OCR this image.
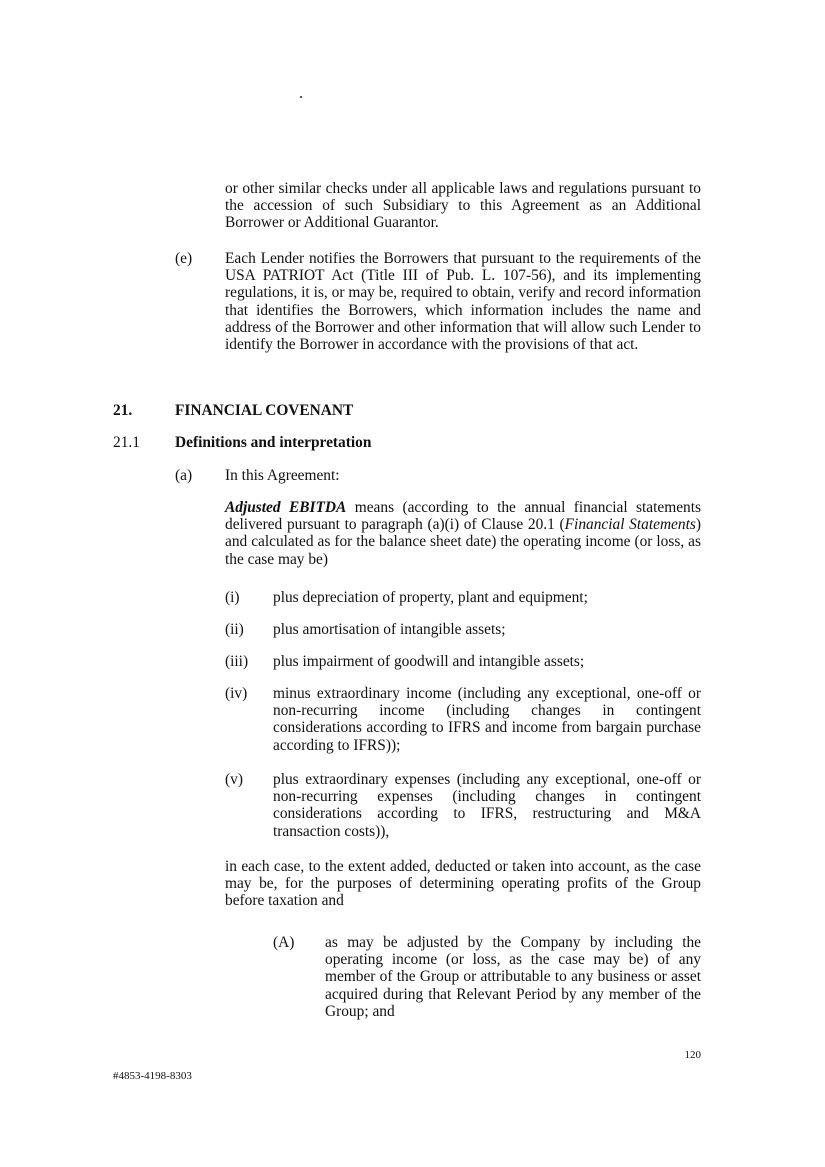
or other similar checks under all applicable laws and regulations pursuant to the accession of such Subsidiary to this Agreement as an Additional Borrower or Additional Guarantor.

(e) Each Lender notifies the Borrowers that pursuant to the requirements of the USA PATRIOT Act (Title III of Pub. L. 107-56), and its implementing regulations, it is, or may be, required to obtain, verify and record information that identifies the Borrowers, which information includes the name and address of the Borrower and other information that will allow such Lender to identify the Borrower in accordance with the provisions of that act.

21.	FINANCIAL COVENANT
21.1 Definitions and interpretation
(a) In this Agreement:

Adjusted EBITDA means (according to the annual financial statements delivered pursuant to paragraph (a)(i) of Clause 20.1 (Financial Statements) and calculated as for the balance sheet date) the operating income (or loss, as the case may be)

(i) plus depreciation of property, plant and equipment;

(ii) plus amortisation of intangible assets;

(iii) plus impairment of goodwill and intangible assets;

(iv) minus extraordinary income (including any exceptional, one-off or non-recurring income (including changes in contingent considerations according to IFRS and income from bargain purchase according to IFRS));

(v) plus extraordinary expenses (including any exceptional, one-off or non-recurring expenses (including changes in contingent considerations according to IFRS, restructuring and M&A transaction costs)),

in each case, to the extent added, deducted or taken into account, as the case may be, for the purposes of determining operating profits of the Group before taxation and

(A) as may be adjusted by the Company by including the operating income (or loss, as the case may be) of any member of the Group or attributable to any business or asset acquired during that Relevant Period by any member of the Group; and

120
#4853-4198-8303
